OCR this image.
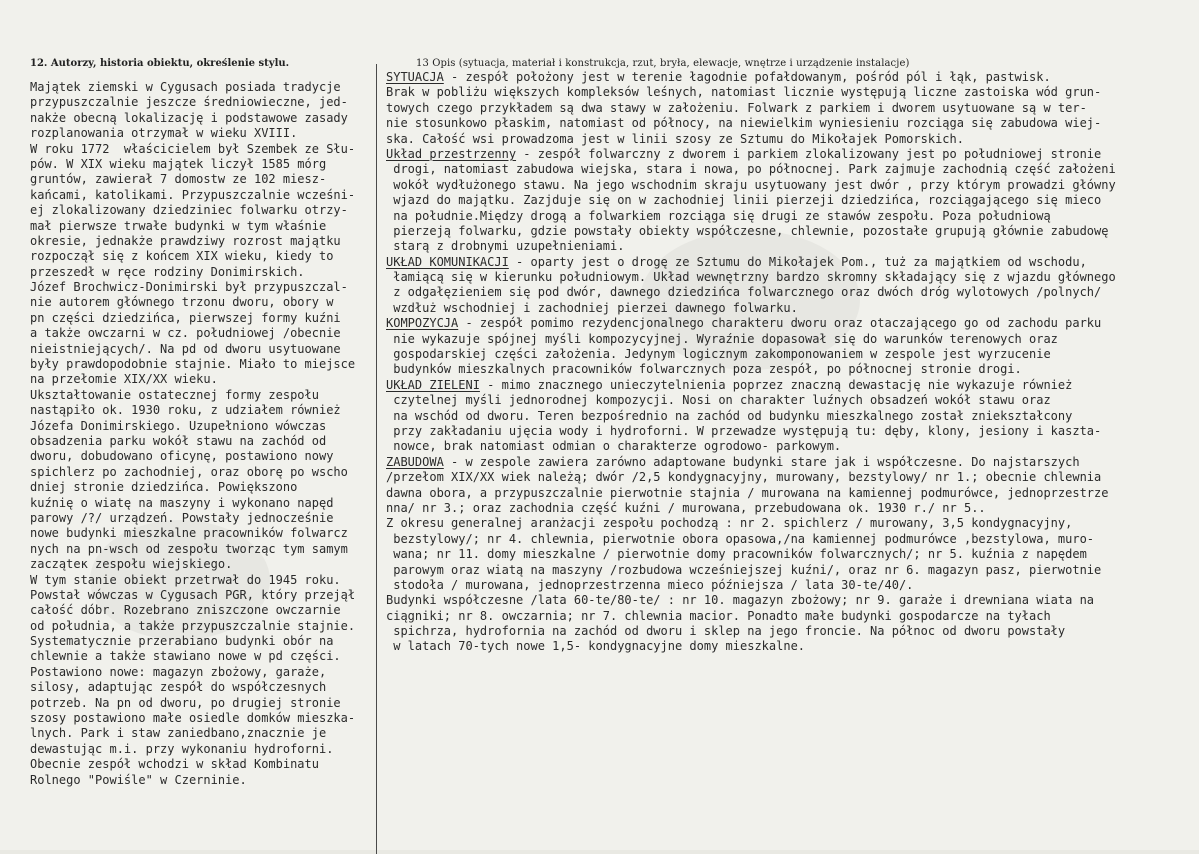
12. Autorzy, historia obiektu, określenie stylu.	13 Opis (sytuacja, materiał i konstrukcja, rzut, bryła, elewacje, wnętrze i urządzenie instalacje)
Majątek ziemski w Cygusach posiada tradycje
przypuszczalnie jeszcze średniowieczne, jed-
nakże obecną lokalizację i podstawowe zasady
rozplanowania otrzymał w wieku XVIII.
W roku 1772  właścicielem był Szembek ze Słu-
pów. W XIX wieku majątek liczył 1585 mórg
gruntów, zawierał 7 domostw ze 102 miesz-
kańcami, katolikami. Przypuszczalnie wcześni-
ej zlokalizowany dziedziniec folwarku otrzy-
mał pierwsze trwałe budynki w tym właśnie
okresie, jednakże prawdziwy rozrost majątku
rozpoczął się z końcem XIX wieku, kiedy to
przeszedł w ręce rodziny Donimirskich.
Józef Brochwicz-Donimirski był przypuszczal-
nie autorem głównego trzonu dworu, obory w
pn części dziedzińca, pierwszej formy kuźni
a także owczarni w cz. południowej /obecnie
nieistniejących/. Na pd od dworu usytuowane
były prawdopodobnie stajnie. Miało to miejsce
na przełomie XIX/XX wieku.
Ukształtowanie ostatecznej formy zespołu
nastąpiło ok. 1930 roku, z udziałem również
Józefa Donimirskiego. Uzupełniono wówczas
obsadzenia parku wokół stawu na zachód od
dworu, dobudowano oficynę, postawiono nowy
spichlerz po zachodniej, oraz oborę po wscho
dniej stronie dziedzińca. Powiększono
kuźnię o wiatę na maszyny i wykonano napęd
parowy /?/ urządzeń. Powstały jednocześnie
nowe budynki mieszkalne pracowników folwarcz
nych na pn-wsch od zespołu tworząc tym samym
zacząteк zespołu wiejskiego.
W tym stanie obiekt przetrwał do 1945 roku.
Powstał wówczas w Cygusach PGR, który przejął
całość dóbr. Rozebrano zniszczone owczarnie
od południa, a także przypuszczalnie stajnie.
Systematycznie przerabiano budynki obór na
chlewnie a także stawiano nowe w pd części.
Postawiono nowe: magazyn zbożowy, garaże,
silosy, adaptując zespół do współczesnych
potrzeb. Na pn od dworu, po drugiej stronie
szosy postawiono małe osiedle domków mieszka-
lnych. Park i staw zaniedbano,znacznie je
dewastując m.i. przy wykonaniu hydroforni.
Obecnie zespół wchodzi w skład Kombinatu
Rolnego "Powiśle" w Czerninie.
SYTUACJA - zespół położony jest w terenie łagodnie pofałdowanym, pośród pól i łąk, pastwisk.
Brak w pobliżu większych kompleksów leśnych, natomiast licznie występują liczne zastoiska wód grun-
towych czego przykładem są dwa stawy w założeniu. Folwark z parkiem i dworem usytuowane są w ter-
nie stosunkowo płaskim, natomiast od północy, na niewielkim wyniesieniu rozciąga się zabudowa wiej-
ska. Całość wsi prowadzoma jest w linii szosy ze Sztumu do Mikołajek Pomorskich.
Układ przestrzenny - zespół folwarczny z dworem i parkiem zlokalizowany jest po południowej stronie
drogi, natomiast zabudowa wiejska, stara i nowa, po północnej. Park zajmuje zachodnią część założeni
wokół wydłużonego stawu. Na jego wschodnim skraju usytuowany jest dwór , przy którym prowadzi główny
wjazd do majątku. Zazjduje się on w zachodniej linii pierzeji dziedzińca, rozciągającego się mieco
na południe.Między drogą a folwarkiem rozciąga się drugi ze stawów zespołu. Poza południową
pierzeją folwarku, gdzie powstały obiekty współczesne, chlewnie, pozostałe grupują głównie zabudowę
starą z drobnymi uzupełnieniami.
UKŁAD KOMUNIKACJI - oparty jest o drogę ze Sztumu do Mikołajek Pom., tuż za majątkiem od wschodu,
łamiącą się w kierunku południowym. Układ wewnętrzny bardzo skromny składający się z wjazdu głównego
z odgałęzieniem się pod dwór, dawnego dziedzińca folwarcznego oraz dwóch dróg wylotowych /polnych/
wzdłuż wschodniej i zachodniej pierzei dawnego folwarku.
KOMPOZYCJA - zespół pomimo rezydencjonalnego charakteru dworu oraz otaczającego go od zachodu parku
nie wykazuje spójnej myśli kompozycyjnej. Wyraźnie dopasował się do warunków terenowych oraz
gospodarskiej części założenia. Jedynym logicznym zakomponowaniem w zespole jest wyrzucenie
budynków mieszkalnych pracowników folwarcznych poza zespół, po północnej stronie drogi.
UKŁAD ZIELENI - mimo znacznego unieczytelnienia poprzez znaczną dewastację nie wykazuje również
czytelnej myśli jednorodnej kompozycji. Nosi on charakter luźnych obsadzeń wokół stawu oraz
na wschód od dworu. Teren bezpośrednio na zachód od budynku mieszkalnego został zniekształcony
przy zakładaniu ujęcia wody i hydroforni. W przewadze występują tu: dęby, klony, jesiony i kaszta-
nowce, brak natomiast odmian o charakterze ogrodowo- parkowym.
ZABUDOWA - w zespole zawiera zarówno adaptowane budynki stare jak i współczesne. Do najstarszych
/przełom XIX/XX wiek należą; dwór /2,5 kondygnacyjny, murowany, bezstylowy/ nr 1.; obecnie chlewnia
dawna obora, a przypuszczalnie pierwotnie stajnia / murowana na kamiennej podmurówce, jednoprzestrze
nna/ nr 3.; oraz zachodnia część kuźni / murowana, przebudowana ok. 1930 r./ nr 5..
Z okresu generalnej aranżacji zespołu pochodzą : nr 2. spichlerz / murowany, 3,5 kondygnacyjny,
bezstylowy/; nr 4. chlewnia, pierwotnie obora opasowa,/na kamiennej podmurówce ,bezstylowa, muro-
wana; nr 11. domy mieszkalne / pierwotnie domy pracowników folwarcznych/; nr 5. kuźnia z napędem
parowym oraz wiatą na maszyny /rozbudowa wcześniejszej kuźni/, oraz nr 6. magazyn pasz, pierwotnie
stodoła / murowana, jednoprzestrzenna mieco późniejsza / lata 30-te/40/.
Budynki współczesne /lata 60-te/80-te/ : nr 10. magazyn zbożowy; nr 9. garaże i drewniana wiata na
ciągniki; nr 8. owczarnia; nr 7. chlewnia macior. Ponadto małe budynki gospodarcze na tyłach
spichrza, hydrofornia na zachód od dworu i sklep na jego froncie. Na północ od dworu powstały
w latach 70-tych nowe 1,5- kondygnacyjne domy mieszkalne.
